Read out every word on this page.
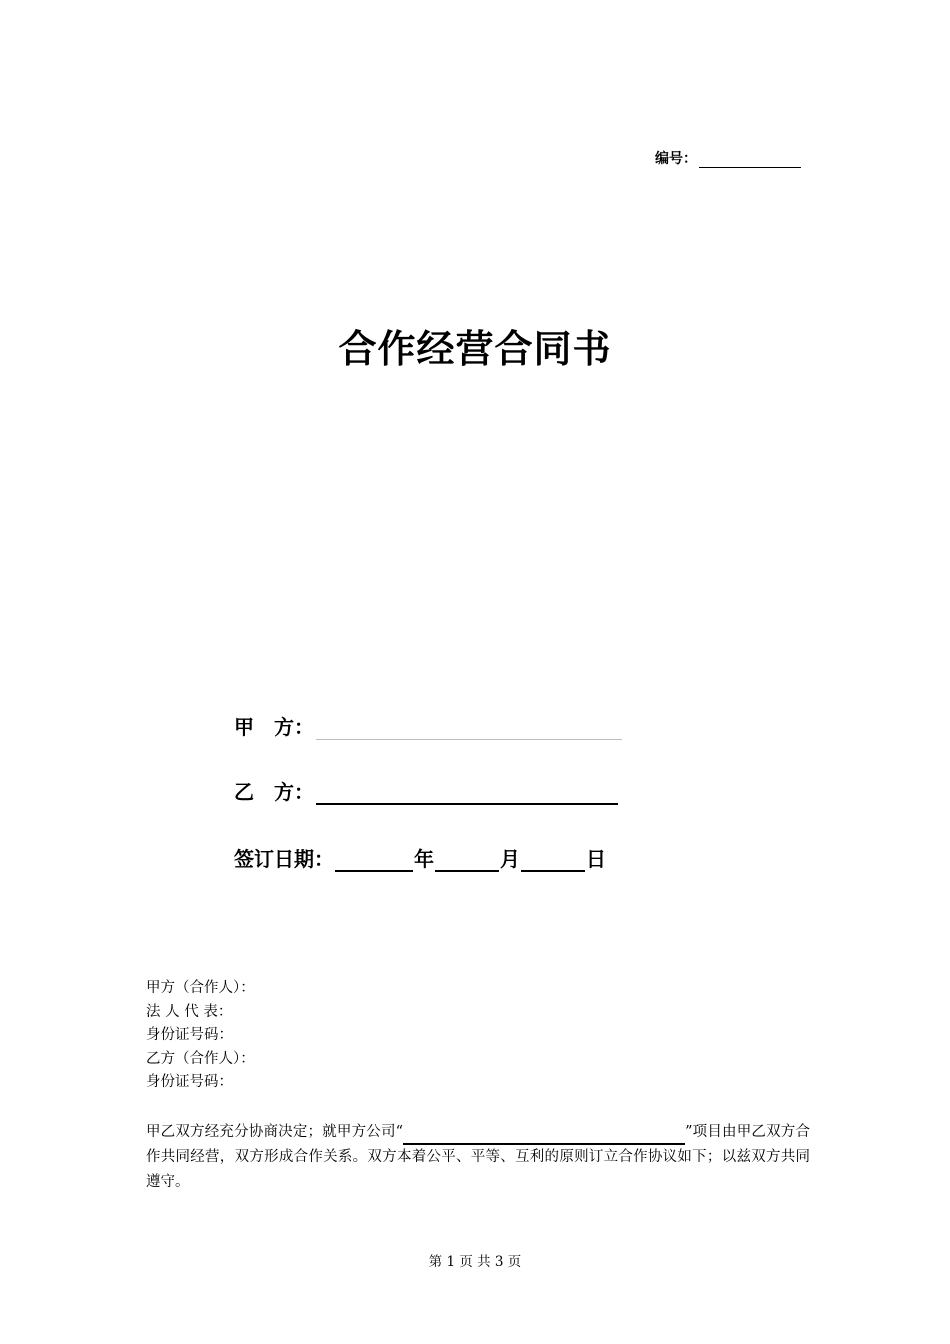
编号：
合作经营合同书
甲　方：
乙　方：
签订日期：	年	月	日
甲方（合作人）：
法 人 代 表：
身份证号码：
乙方（合作人）：
身份证号码：
甲乙双方经充分协商决定；就甲方公司“	”项目由甲乙双方合作共同经营，双方形成合作关系。双方本着公平、平等、互利的原则订立合作协议如下；以兹双方共同遵守。
第 1 页 共 3 页
